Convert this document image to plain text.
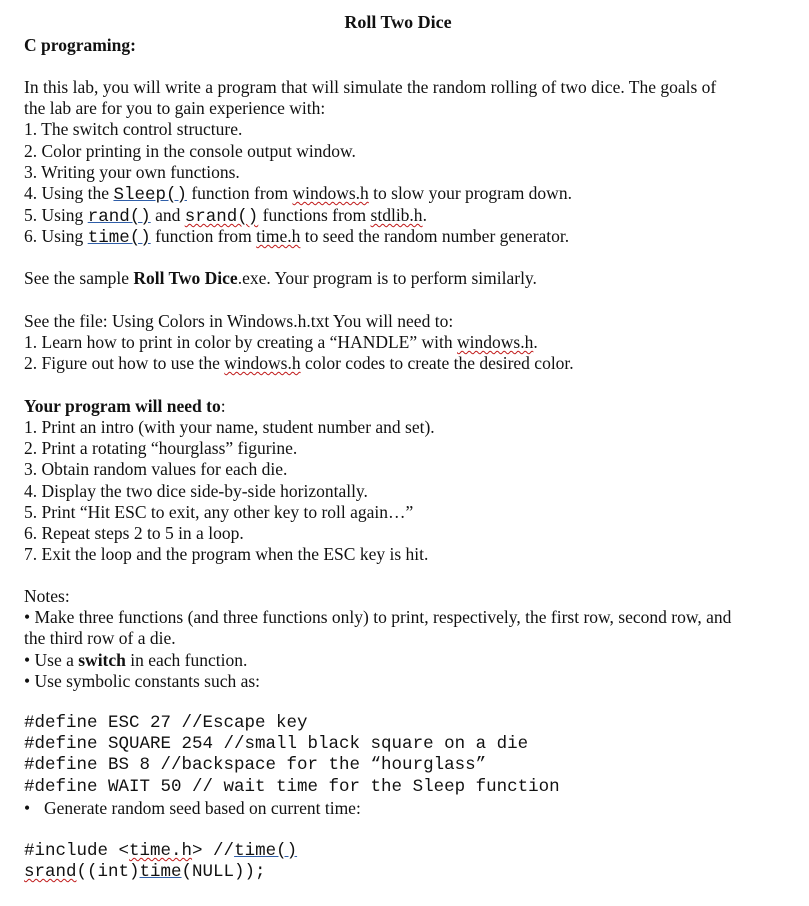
Roll Two Dice
C programing:
In this lab, you will write a program that will simulate the random rolling of two dice. The goals of
the lab are for you to gain experience with:
1. The switch control structure.
2. Color printing in the console output window.
3. Writing your own functions.
4. Using the Sleep() function from windows.h to slow your program down.
5. Using rand() and srand() functions from stdlib.h.
6. Using time() function from time.h to seed the random number generator.
See the sample Roll Two Dice.exe. Your program is to perform similarly.
See the file: Using Colors in Windows.h.txt You will need to:
1. Learn how to print in color by creating a “HANDLE” with windows.h.
2. Figure out how to use the windows.h color codes to create the desired color.
Your program will need to:
1. Print an intro (with your name, student number and set).
2. Print a rotating “hourglass” figurine.
3. Obtain random values for each die.
4. Display the two dice side-by-side horizontally.
5. Print “Hit ESC to exit, any other key to roll again…”
6. Repeat steps 2 to 5 in a loop.
7. Exit the loop and the program when the ESC key is hit.
Notes:
• Make three functions (and three functions only) to print, respectively, the first row, second row, and
the third row of a die.
• Use a switch in each function.
• Use symbolic constants such as:
#define ESC 27 //Escape key
#define SQUARE 254 //small black square on a die
#define BS 8 //backspace for the “hourglass”
#define WAIT 50 // wait time for the Sleep function
• Generate random seed based on current time:
#include <time.h> //time()
srand((int)time(NULL));
